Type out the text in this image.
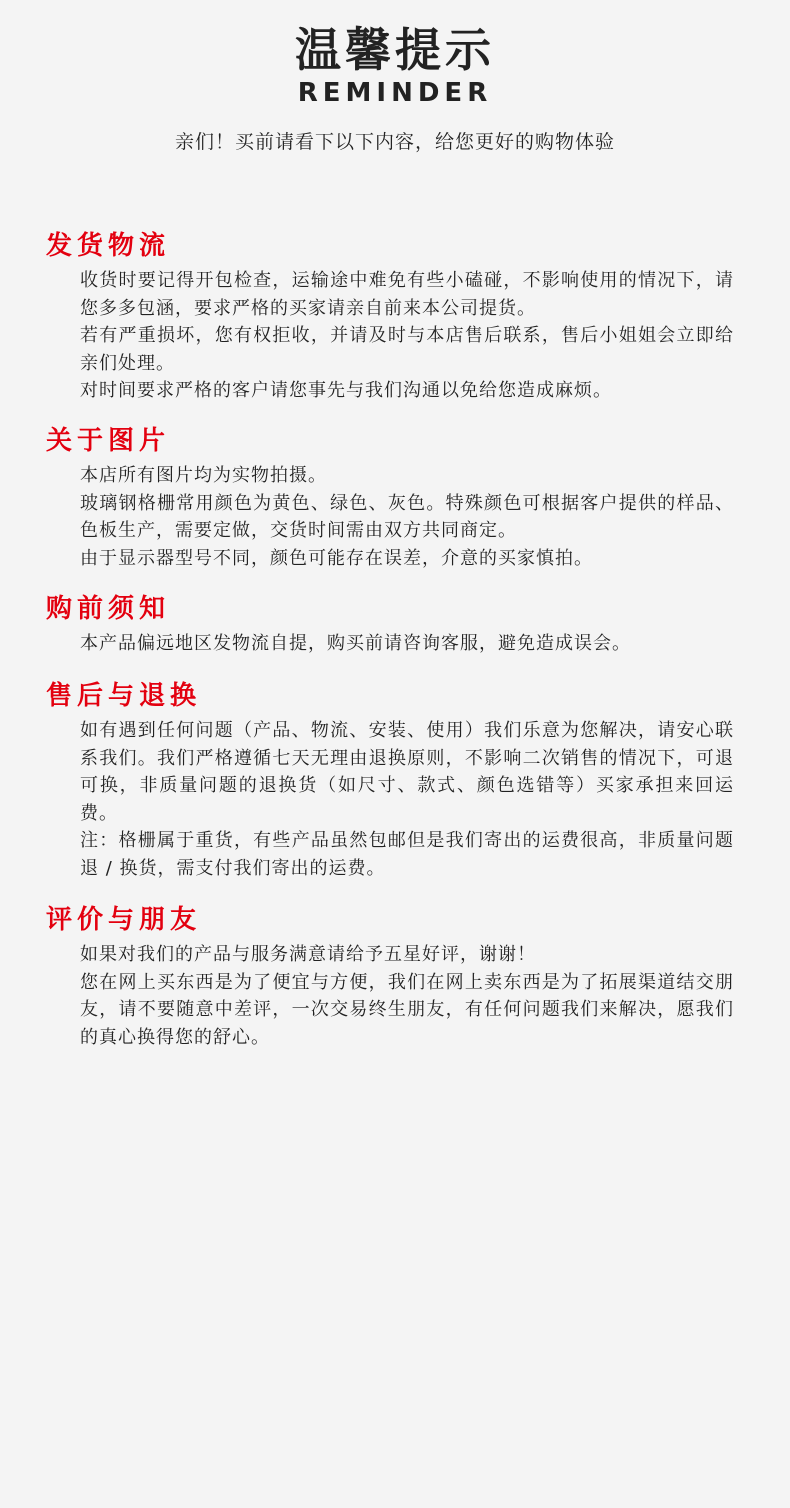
温馨提示
REMINDER
亲们！买前请看下以下内容，给您更好的购物体验
发货物流
收货时要记得开包检查，运输途中难免有些小磕碰，不影响使用的情况下，请您多多包涵，要求严格的买家请亲自前来本公司提货。
若有严重损坏，您有权拒收，并请及时与本店售后联系，售后小姐姐会立即给亲们处理。
对时间要求严格的客户请您事先与我们沟通以免给您造成麻烦。
关于图片
本店所有图片均为实物拍摄。
玻璃钢格栅常用颜色为黄色、绿色、灰色。特殊颜色可根据客户提供的样品、色板生产，需要定做，交货时间需由双方共同商定。
由于显示器型号不同，颜色可能存在误差，介意的买家慎拍。
购前须知
本产品偏远地区发物流自提，购买前请咨询客服，避免造成误会。
售后与退换
如有遇到任何问题（产品、物流、安装、使用）我们乐意为您解决，请安心联系我们。我们严格遵循七天无理由退换原则，不影响二次销售的情况下，可退可换，非质量问题的退换货（如尺寸、款式、颜色选错等）买家承担来回运费。
注：格栅属于重货，有些产品虽然包邮但是我们寄出的运费很高，非质量问题退 / 换货，需支付我们寄出的运费。
评价与朋友
如果对我们的产品与服务满意请给予五星好评，谢谢！
您在网上买东西是为了便宜与方便，我们在网上卖东西是为了拓展渠道结交朋友，请不要随意中差评，一次交易终生朋友，有任何问题我们来解决，愿我们的真心换得您的舒心。
